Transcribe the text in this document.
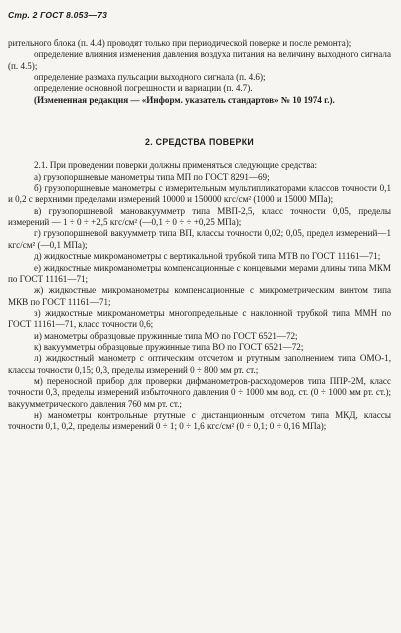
Стр. 2 ГОСТ 8.053—73

рительного блока (п. 4.4) проводят только при периодической поверке и после ремонта);

определение влияния изменения давления воздуха питания на величину выходного сигнала (п. 4.5);

определение размаха пульсации выходного сигнала (п. 4.6);

определение основной погрешности и вариации (п. 4.7).

(Измененная редакция — «Информ. указатель стандартов» № 10 1974 г.).

2. СРЕДСТВА ПОВЕРКИ

2.1. При проведении поверки должны применяться следующие средства:

а) грузопоршневые манометры типа МП по ГОСТ 8291—69;

б) грузопоршневые манометры с измерительным мультипликаторами классов точности 0,1 и 0,2 с верхними пределами измерений 10000 и 150000 кгс/см² (1000 и 15000 МПа);

в) грузопоршневой мановакуумметр типа МВП-2,5, класс точности 0,05, пределы измерений — 1 ÷ 0 ÷ +2,5 кгс/см² (—0,1 ÷ 0 ÷ ÷ +0,25 МПа);

г) грузопоршневой вакуумметр типа ВП, классы точности 0,02; 0,05, предел измерений—1 кгс/см² (—0,1 МПа);

д) жидкостные микроманометры с вертикальной трубкой типа МТВ по ГОСТ 11161—71;

е) жидкостные микроманометры компенсационные с концевыми мерами длины типа МКМ по ГОСТ 11161—71;

ж) жидкостные микроманометры компенсационные с микрометрическим винтом типа МКВ по ГОСТ 11161—71;

з) жидкостные микроманометры многопредельные с наклонной трубкой типа ММН по ГОСТ 11161—71, класс точности 0,6;

и) манометры образцовые пружинные типа МО по ГОСТ 6521—72;

к) вакуумметры образцовые пружинные типа ВО по ГОСТ 6521—72;

л) жидкостный манометр с оптическим отсчетом и ртутным заполнением типа ОМО-1, классы точности 0,15; 0,3, пределы измерений 0 ÷ 800 мм рт. ст.;

м) переносной прибор для проверки дифманометров-расходомеров типа ППР-2М, класс точности 0,3, пределы измерений избыточного давления 0 ÷ 1000 мм вод. ст. (0 ÷ 1000 мм рт. ст.); вакуумметрического давления 760 мм рт. ст.;

н) манометры контрольные ртутные с дистанционным отсчетом типа МКД, классы точности 0,1, 0,2, пределы измерений 0 ÷ 1; 0 ÷ 1,6 кгс/см² (0 ÷ 0,1; 0 ÷ 0,16 МПа);
